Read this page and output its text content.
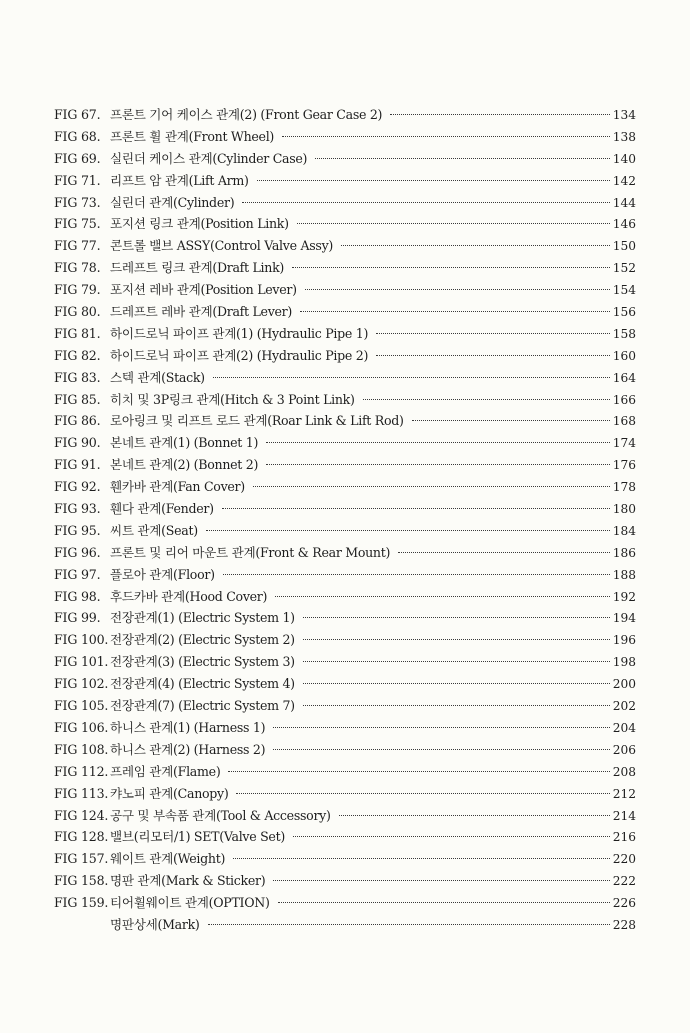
FIG 67. 프론트 기어 케이스 관계(2) (Front Gear Case 2)	134
FIG 68. 프론트 휠 관계(Front Wheel)	138
FIG 69. 실린더 케이스 관계(Cylinder Case)	140
FIG 71. 리프트 암 관계(Lift Arm)	142
FIG 73. 실린더 관계(Cylinder)	144
FIG 75. 포지션 링크 관계(Position Link)	146
FIG 77. 콘트롤 밸브 ASSY(Control Valve Assy)	150
FIG 78. 드레프트 링크 관계(Draft Link)	152
FIG 79. 포지션 레바 관계(Position Lever)	154
FIG 80. 드레프트 레바 관계(Draft Lever)	156
FIG 81. 하이드로닉 파이프 관계(1) (Hydraulic Pipe 1)	158
FIG 82. 하이드로닉 파이프 관계(2) (Hydraulic Pipe 2)	160
FIG 83. 스텍 관계(Stack)	164
FIG 85. 히치 및 3P링크 관계(Hitch & 3 Point Link)	166
FIG 86. 로아링크 및 리프트 로드 관계(Roar Link & Lift Rod)	168
FIG 90. 본네트 관계(1) (Bonnet 1)	174
FIG 91. 본네트 관계(2) (Bonnet 2)	176
FIG 92. 휀카바 관계(Fan Cover)	178
FIG 93. 휀다 관계(Fender)	180
FIG 95. 씨트 관계(Seat)	184
FIG 96. 프론트 및 리어 마운트 관계(Front & Rear Mount)	186
FIG 97. 플로아 관계(Floor)	188
FIG 98. 후드카바 관계(Hood Cover)	192
FIG 99. 전장관계(1) (Electric System 1)	194
FIG 100. 전장관계(2) (Electric System 2)	196
FIG 101. 전장관계(3) (Electric System 3)	198
FIG 102. 전장관계(4) (Electric System 4)	200
FIG 105. 전장관계(7) (Electric System 7)	202
FIG 106. 하니스 관계(1) (Harness 1)	204
FIG 108. 하니스 관계(2) (Harness 2)	206
FIG 112. 프레임 관계(Flame)	208
FIG 113. 캬노피 관계(Canopy)	212
FIG 124. 공구 및 부속품 관계(Tool & Accessory)	214
FIG 128. 밸브(리모터/1) SET(Valve Set)	216
FIG 157. 웨이트 관계(Weight)	220
FIG 158. 명판 관계(Mark & Sticker)	222
FIG 159. 티어휠웨이트 관계(OPTION)	226
명판상세(Mark)	228
